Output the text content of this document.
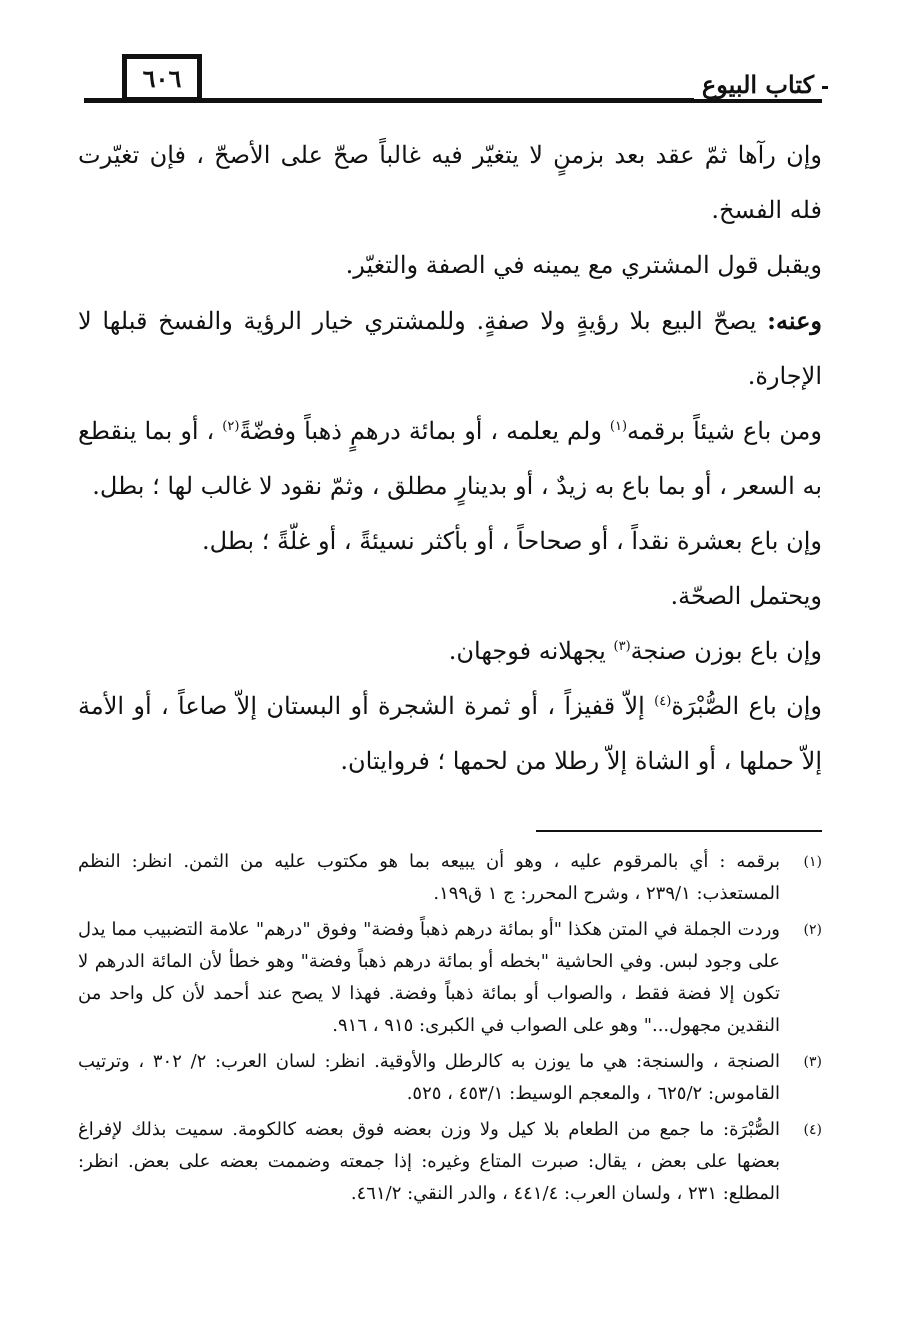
٦٠٦	كتاب البيوع

وإن رآها ثمّ عقد بعد بزمنٍ لا يتغيّر فيه غالباً صحّ على الأصحّ ، فإن تغيّرت فله الفسخ.

ويقبل قول المشتري مع يمينه في الصفة والتغيّر.

وعنه: يصحّ البيع بلا رؤيةٍ ولا صفةٍ. وللمشتري خيار الرؤية والفسخ قبلها لا الإجارة.

ومن باع شيئاً برقمه$^{(١)}$ ولم يعلمه ، أو بمائة درهمٍ ذهباً وفضّةً$^{(٢)}$ ، أو بما ينقطع به السعر ، أو بما باع به زيدٌ ، أو بدينارٍ مطلق ، وثمّ نقود لا غالب لها ؛ بطل.

وإن باع بعشرة نقداً ، أو صحاحاً ، أو بأكثر نسيئةً ، أو غلّةً ؛ بطل.

ويحتمل الصحّة.

وإن باع بوزن صنجة$^{(٣)}$ يجهلانه فوجهان.

وإن باع الصُّبْرَة$^{(٤)}$ إلاّ قفيزاً ، أو ثمرة الشجرة أو البستان إلاّ صاعاً ، أو الأمة إلاّ حملها ، أو الشاة إلاّ رطلا من لحمها ؛ فروايتان.

(١)
برقمه : أي بالمرقوم عليه ، وهو أن يبيعه بما هو مكتوب عليه من الثمن. انظر: النظم المستعذب: ٢٣٩/١ ، وشرح المحرر: ج ١ ق١٩٩.
(٢)
وردت الجملة في المتن هكذا "أو بمائة درهم ذهباً وفضة" وفوق "درهم" علامة التضبيب مما يدل على وجود لبس. وفي الحاشية "بخطه أو بمائة درهم ذهباً وفضة" وهو خطأ لأن المائة الدرهم لا تكون إلا فضة فقط ، والصواب أو بمائة ذهباً وفضة. فهذا لا يصح عند أحمد لأن كل واحد من النقدين مجهول..." وهو على الصواب في الكبرى: ٩١٥ ، ٩١٦.
(٣)
الصنجة ، والسنجة: هي ما يوزن به كالرطل والأوقية. انظر: لسان العرب: ٢/ ٣٠٢ ، وترتيب القاموس: ٦٢٥/٢ ، والمعجم الوسيط: ٤٥٣/١ ، ٥٢٥.
(٤)
الصُّبْرَة: ما جمع من الطعام بلا كيل ولا وزن بعضه فوق بعضه كالكومة. سميت بذلك لإفراغ بعضها على بعض ، يقال: صبرت المتاع وغيره: إذا جمعته وضممت بعضه على بعض. انظر: المطلع: ٢٣١ ، ولسان العرب: ٤٤١/٤ ، والدر النقي: ٤٦١/٢.
